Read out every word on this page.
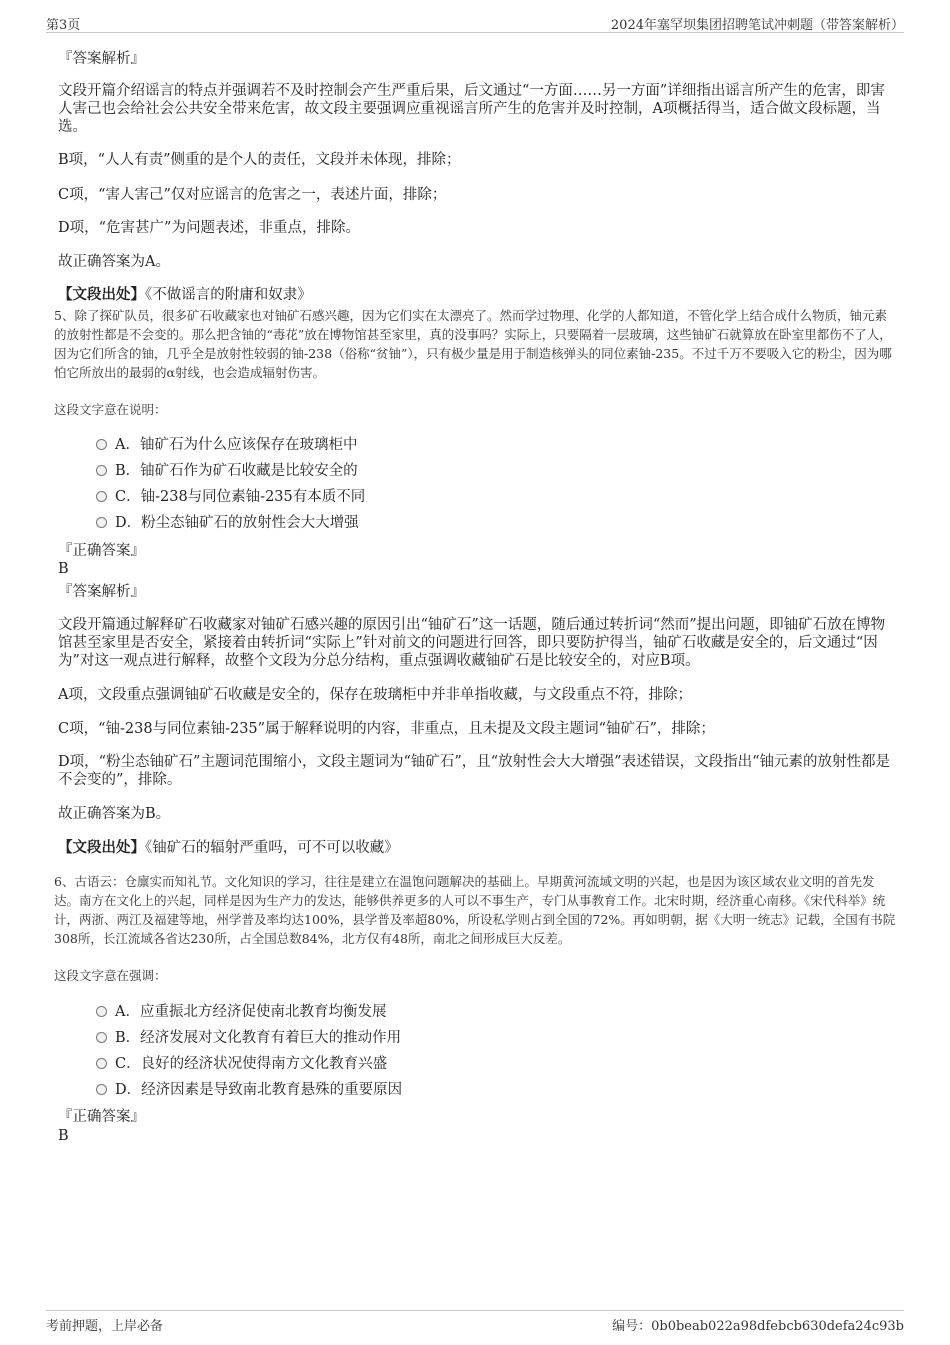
第3页	2024年塞罕坝集团招聘笔试冲刺题（带答案解析）
『答案解析』
文段开篇介绍谣言的特点并强调若不及时控制会产生严重后果，后文通过“一方面……另一方面”详细指出谣言所产生的危害，即害人害己也会给社会公共安全带来危害，故文段主要强调应重视谣言所产生的危害并及时控制，A项概括得当，适合做文段标题，当选。
B项，“人人有责”侧重的是个人的责任，文段并未体现，排除；
C项，“害人害己”仅对应谣言的危害之一，表述片面，排除；
D项，“危害甚广”为问题表述，非重点，排除。
故正确答案为A。
【文段出处】《不做谣言的附庸和奴隶》
5、除了探矿队员，很多矿石收藏家也对铀矿石感兴趣，因为它们实在太漂亮了。然而学过物理、化学的人都知道，不管化学上结合成什么物质，铀元素的放射性都是不会变的。那么把含铀的“毒花”放在博物馆甚至家里，真的没事吗？实际上，只要隔着一层玻璃，这些铀矿石就算放在卧室里都伤不了人，因为它们所含的铀，几乎全是放射性较弱的铀-238（俗称“贫铀”），只有极少量是用于制造核弹头的同位素铀-235。不过千万不要吸入它的粉尘，因为哪怕它所放出的最弱的α射线，也会造成辐射伤害。
这段文字意在说明：
A．铀矿石为什么应该保存在玻璃柜中
B．铀矿石作为矿石收藏是比较安全的
C．铀-238与同位素铀-235有本质不同
D．粉尘态铀矿石的放射性会大大增强
『正确答案』
B
『答案解析』
文段开篇通过解释矿石收藏家对铀矿石感兴趣的原因引出“铀矿石”这一话题，随后通过转折词“然而”提出问题，即铀矿石放在博物馆甚至家里是否安全，紧接着由转折词“实际上”针对前文的问题进行回答，即只要防护得当，铀矿石收藏是安全的，后文通过“因为”对这一观点进行解释，故整个文段为分总分结构，重点强调收藏铀矿石是比较安全的，对应B项。
A项，文段重点强调铀矿石收藏是安全的，保存在玻璃柜中并非单指收藏，与文段重点不符，排除；
C项，“铀-238与同位素铀-235”属于解释说明的内容，非重点，且未提及文段主题词“铀矿石”，排除；
D项，“粉尘态铀矿石”主题词范围缩小，文段主题词为“铀矿石”，且“放射性会大大增强”表述错误，文段指出“铀元素的放射性都是不会变的”，排除。
故正确答案为B。
【文段出处】《铀矿石的辐射严重吗，可不可以收藏》
6、古语云：仓廪实而知礼节。文化知识的学习，往往是建立在温饱问题解决的基础上。早期黄河流域文明的兴起，也是因为该区域农业文明的首先发达。南方在文化上的兴起，同样是因为生产力的发达，能够供养更多的人可以不事生产，专门从事教育工作。北宋时期，经济重心南移。《宋代科举》统计，两浙、两江及福建等地，州学普及率均达100%，县学普及率超80%，所设私学则占到全国的72%。再如明朝，据《大明一统志》记载，全国有书院308所，长江流域各省达230所，占全国总数84%，北方仅有48所，南北之间形成巨大反差。
这段文字意在强调：
A．应重振北方经济促使南北教育均衡发展
B．经济发展对文化教育有着巨大的推动作用
C．良好的经济状况使得南方文化教育兴盛
D．经济因素是导致南北教育悬殊的重要原因
『正确答案』
B
考前押题，上岸必备	编号：0b0beab022a98dfebcb630defa24c93b
